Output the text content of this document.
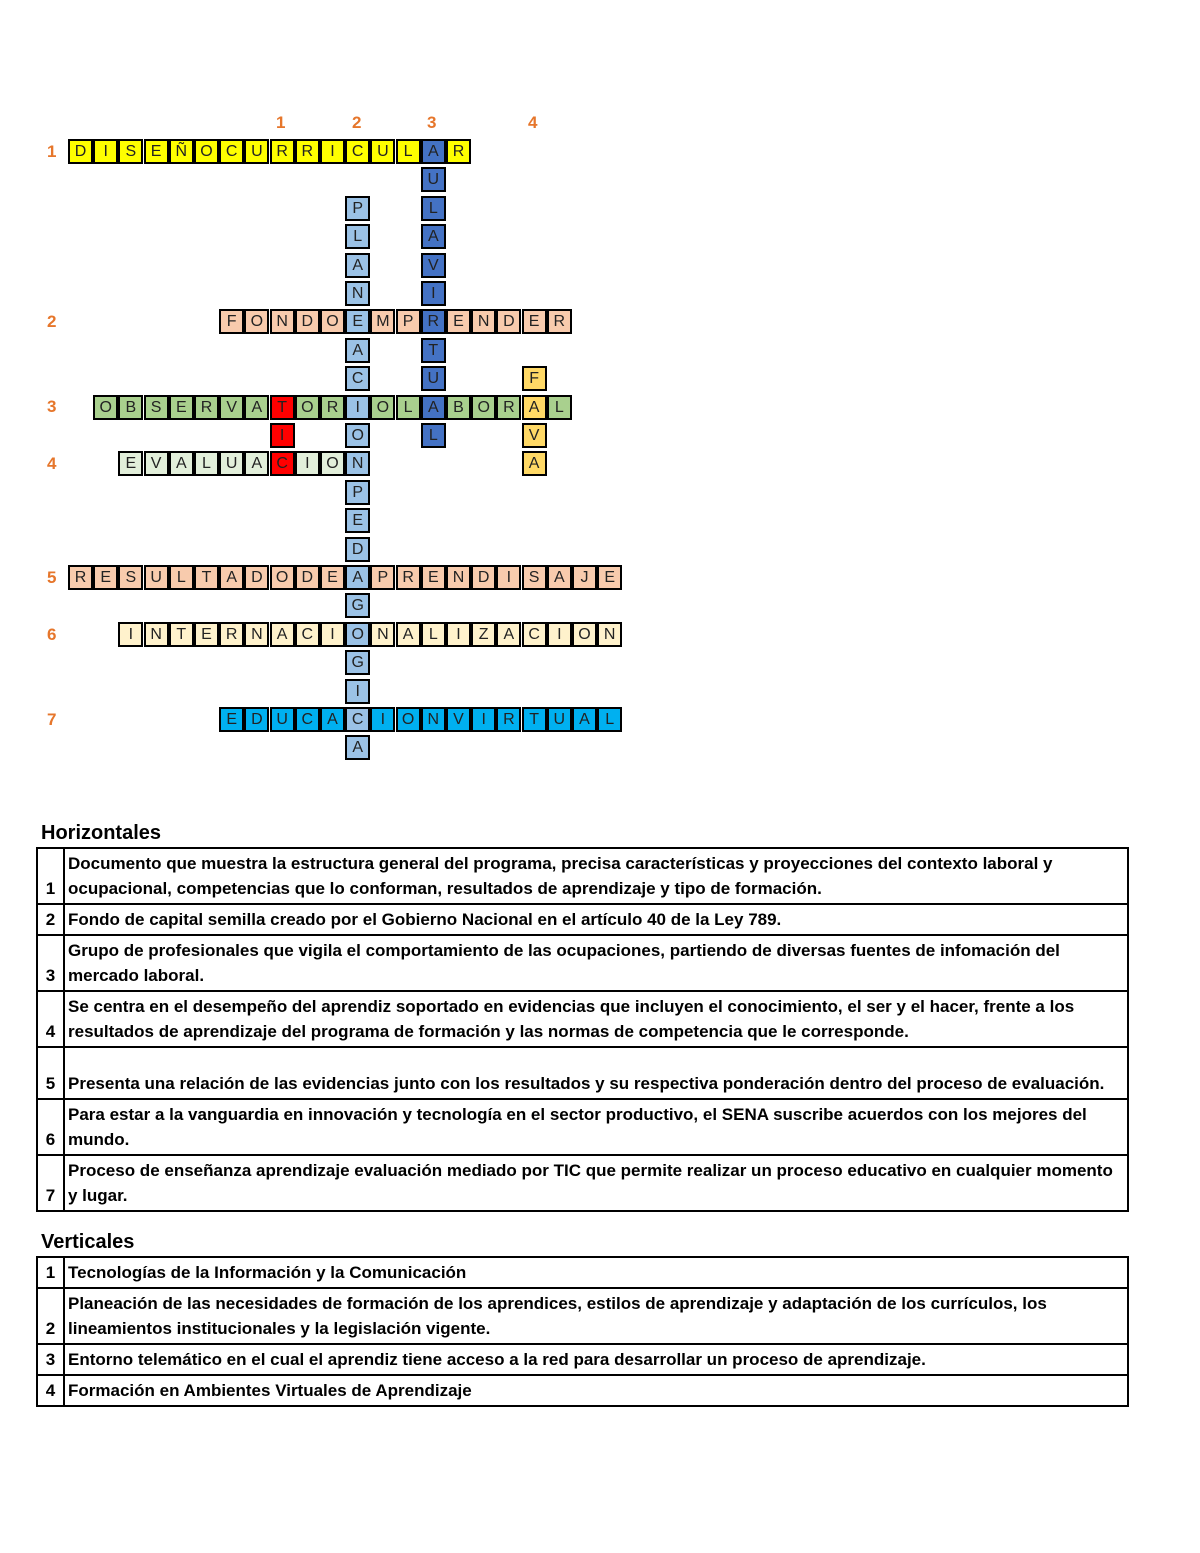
1	2	3	4
1
2
3
4
5
6
7
T
I
C
A
U
L
A
V
I
R
T
U
A
L
P
L
A
N
E
A
C
I
O
N
P
E
D
A
G
O
G
I
C
A
F
A
V
A
D	I	S E Ñ O C U R R	I	C U L	R
F O N D O	M P	E N D E R
O B S E R V A	O R	O L	B O R	L
E V A L U A	I	O
R E S U L T A D O D E	P R E N D	I	S A J E
I	N T E R N A C	I	N A L	I	Z A C	I	O N
E D U C A	I	O N V	I	R T U A L
Horizontales
1	Documento que muestra la estructura general del programa, precisa características y proyecciones del contexto laboral y ocupacional, competencias que lo conforman, resultados de aprendizaje y tipo de formación.
2	Fondo de capital semilla creado por el Gobierno Nacional en el artículo 40 de la Ley 789.
3	Grupo de profesionales que vigila el comportamiento de las ocupaciones, partiendo de diversas fuentes de infomación del mercado laboral.
4	Se centra en el desempeño del aprendiz soportado en evidencias que incluyen el conocimiento, el ser y el hacer, frente a los resultados de aprendizaje del programa de formación y las normas de competencia que le corresponde.
5	Presenta una relación de las evidencias junto con los resultados y su respectiva ponderación dentro del proceso de evaluación.
6	Para estar a la vanguardia en innovación y tecnología en el sector productivo, el SENA suscribe acuerdos con los mejores del mundo.
7	Proceso de enseñanza aprendizaje evaluación mediado por TIC que permite realizar un proceso educativo en cualquier momento y lugar.
Verticales
1	Tecnologías de la Información y la Comunicación
2	Planeación de las necesidades de formación de los aprendices, estilos de aprendizaje y adaptación de los currículos, los lineamientos institucionales y la legislación vigente.
3	Entorno telemático en el cual el aprendiz tiene acceso a la red para desarrollar un proceso de aprendizaje.
4	Formación en Ambientes Virtuales de Aprendizaje
